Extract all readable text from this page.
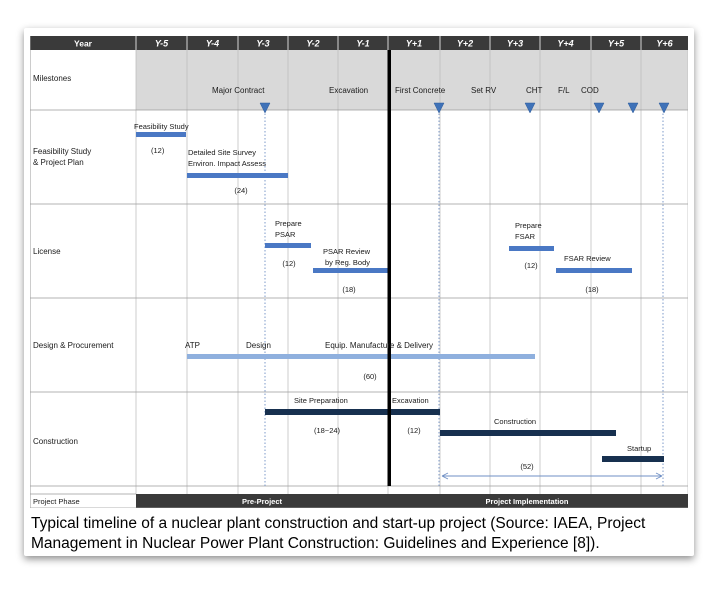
Year	Y-5	Y-4	Y-3	Y-2	Y-1	Y+1	Y+2	Y+3	Y+4	Y+5	Y+6
Milestones
Feasibility Study
& Project Plan
License
Design & Procurement
Construction
Project Phase
Major Contract	Excavation	First Concrete	Set RV	CHT F/L COD
Feasibility Study
(12)	Detailed Site Survey
Environ. Impact Assess
(24)
Prepare
PSAR
(12)
PSAR Review
by Reg. Body
(18)
Prepare
FSAR
(12)
FSAR Review
(18)
ATP	Design	Equip. Manufacture & Delivery
(60)
Site Preparation
(18~24)
Excavation
(12)
Construction
Startup
(52)
Pre-Project	Project Implementation
Typical timeline of a nuclear plant construction and start-up project (Source: IAEA, Project Management in Nuclear Power Plant Construction: Guidelines and Experience [8]).
